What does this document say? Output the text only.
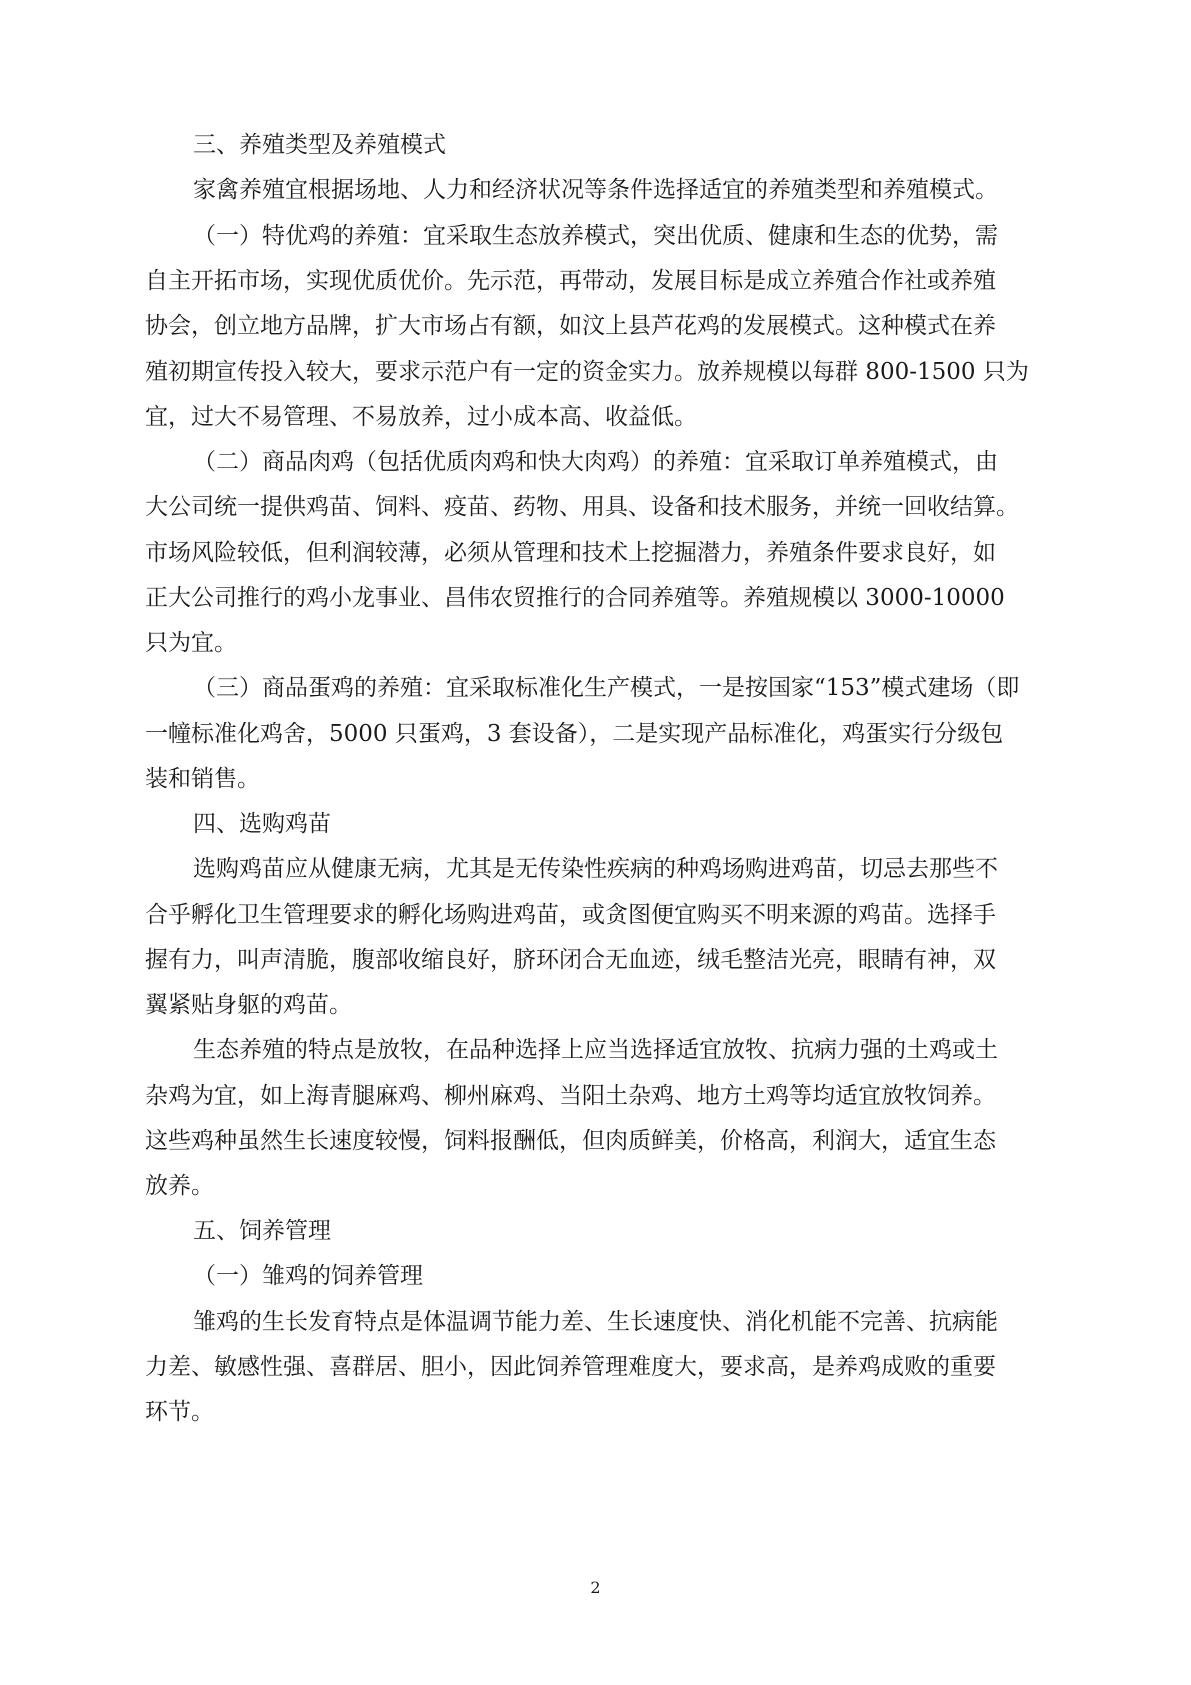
三、养殖类型及养殖模式
家禽养殖宜根据场地、人力和经济状况等条件选择适宜的养殖类型和养殖模式。
（一）特优鸡的养殖：宜采取生态放养模式，突出优质、健康和生态的优势，需
自主开拓市场，实现优质优价。先示范，再带动，发展目标是成立养殖合作社或养殖
协会，创立地方品牌，扩大市场占有额，如汶上县芦花鸡的发展模式。这种模式在养
殖初期宣传投入较大，要求示范户有一定的资金实力。放养规模以每群 800-1500 只为
宜，过大不易管理、不易放养，过小成本高、收益低。
（二）商品肉鸡（包括优质肉鸡和快大肉鸡）的养殖：宜采取订单养殖模式，由
大公司统一提供鸡苗、饲料、疫苗、药物、用具、设备和技术服务，并统一回收结算。
市场风险较低，但利润较薄，必须从管理和技术上挖掘潜力，养殖条件要求良好，如
正大公司推行的鸡小龙事业、昌伟农贸推行的合同养殖等。养殖规模以 3000-10000
只为宜。
（三）商品蛋鸡的养殖：宜采取标准化生产模式，一是按国家“153”模式建场（即
一幢标准化鸡舍，5000 只蛋鸡，3 套设备），二是实现产品标准化，鸡蛋实行分级包
装和销售。
四、选购鸡苗
选购鸡苗应从健康无病，尤其是无传染性疾病的种鸡场购进鸡苗，切忌去那些不
合乎孵化卫生管理要求的孵化场购进鸡苗，或贪图便宜购买不明来源的鸡苗。选择手
握有力，叫声清脆，腹部收缩良好，脐环闭合无血迹，绒毛整洁光亮，眼睛有神，双
翼紧贴身躯的鸡苗。
生态养殖的特点是放牧，在品种选择上应当选择适宜放牧、抗病力强的土鸡或土
杂鸡为宜，如上海青腿麻鸡、柳州麻鸡、当阳土杂鸡、地方土鸡等均适宜放牧饲养。
这些鸡种虽然生长速度较慢，饲料报酬低，但肉质鲜美，价格高，利润大，适宜生态
放养。
五、饲养管理
（一）雏鸡的饲养管理
雏鸡的生长发育特点是体温调节能力差、生长速度快、消化机能不完善、抗病能
力差、敏感性强、喜群居、胆小，因此饲养管理难度大，要求高，是养鸡成败的重要
环节。
2
